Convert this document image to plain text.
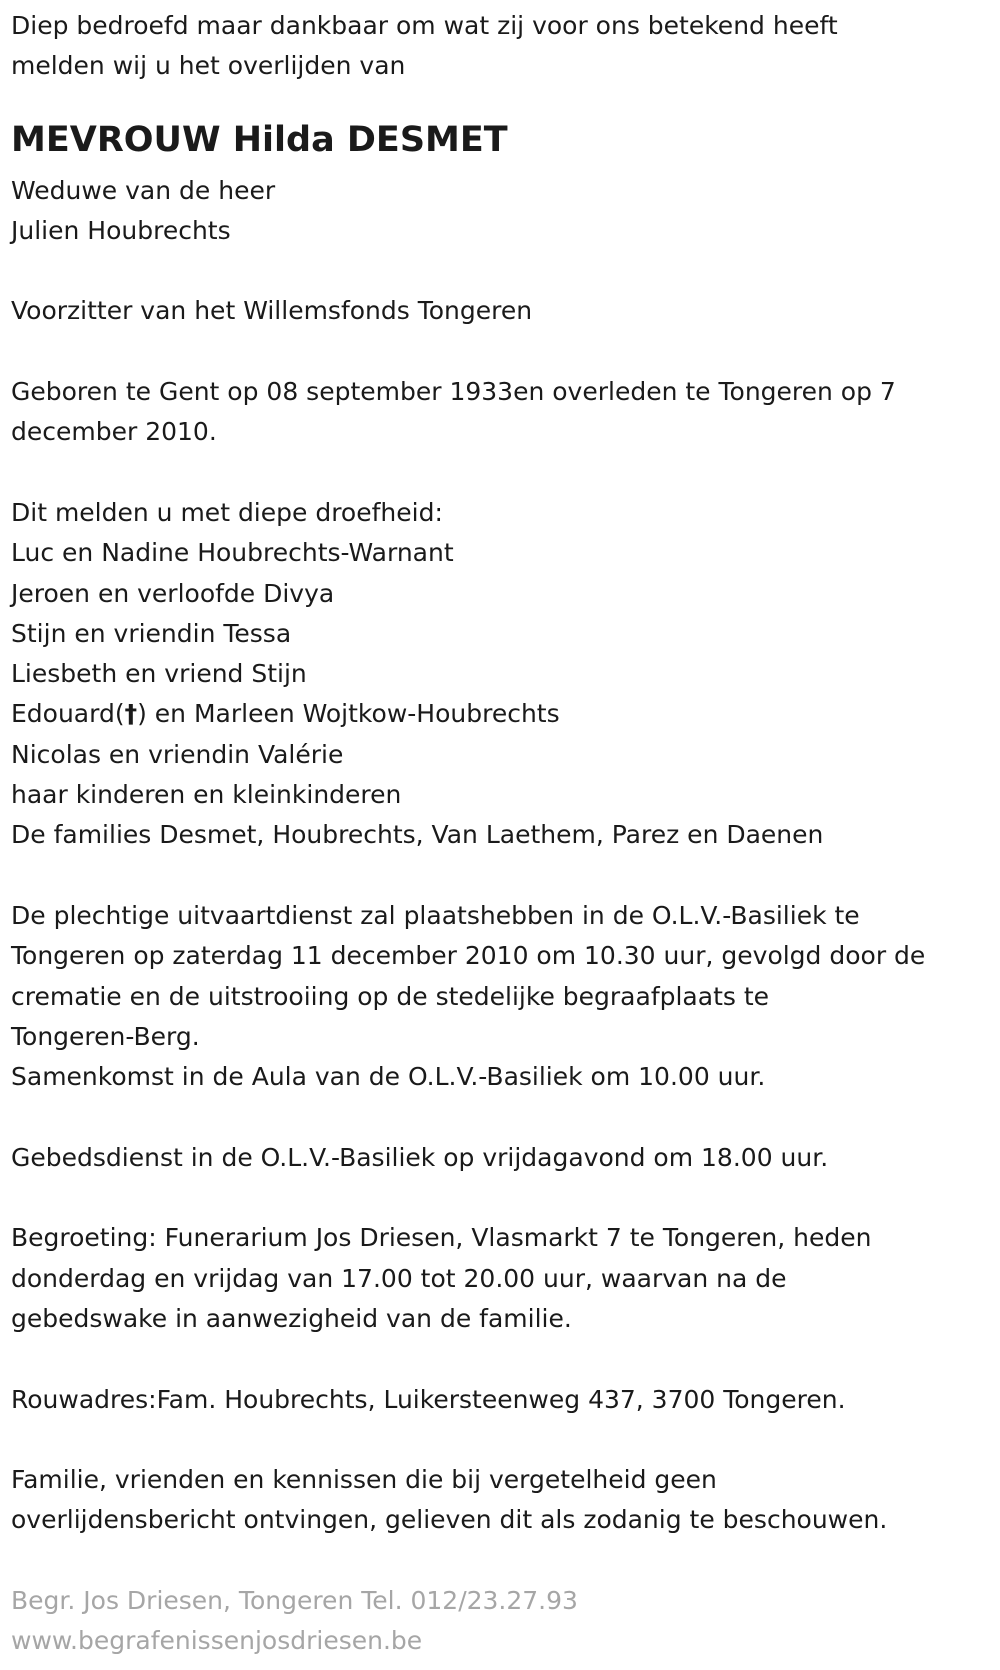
Diep bedroefd maar dankbaar om wat zij voor ons betekend heeft

melden wij u het overlijden van

MEVROUW Hilda DESMET

Weduwe van de heer

Julien Houbrechts

Voorzitter van het Willemsfonds Tongeren

Geboren te Gent op 08 september 1933en overleden te Tongeren op 7

december 2010.

Dit melden u met diepe droefheid:

Luc en Nadine Houbrechts-Warnant

Jeroen en verloofde Divya

Stijn en vriendin Tessa

Liesbeth en vriend Stijn

Edouard(†) en Marleen Wojtkow-Houbrechts

Nicolas en vriendin Valérie

haar kinderen en kleinkinderen

De families Desmet, Houbrechts, Van Laethem, Parez en Daenen

De plechtige uitvaartdienst zal plaatshebben in de O.L.V.-Basiliek te

Tongeren op zaterdag 11 december 2010 om 10.30 uur, gevolgd door de

crematie en de uitstrooiing op de stedelijke begraafplaats te

Tongeren-Berg.

Samenkomst in de Aula van de O.L.V.-Basiliek om 10.00 uur.

Gebedsdienst in de O.L.V.-Basiliek op vrijdagavond om 18.00 uur.

Begroeting: Funerarium Jos Driesen, Vlasmarkt 7 te Tongeren, heden

donderdag en vrijdag van 17.00 tot 20.00 uur, waarvan na de

gebedswake in aanwezigheid van de familie.

Rouwadres:Fam. Houbrechts, Luikersteenweg 437, 3700 Tongeren.

Familie, vrienden en kennissen die bij vergetelheid geen

overlijdensbericht ontvingen, gelieven dit als zodanig te beschouwen.

Begr. Jos Driesen, Tongeren Tel. 012/23.27.93

www.begrafenissenjosdriesen.be
